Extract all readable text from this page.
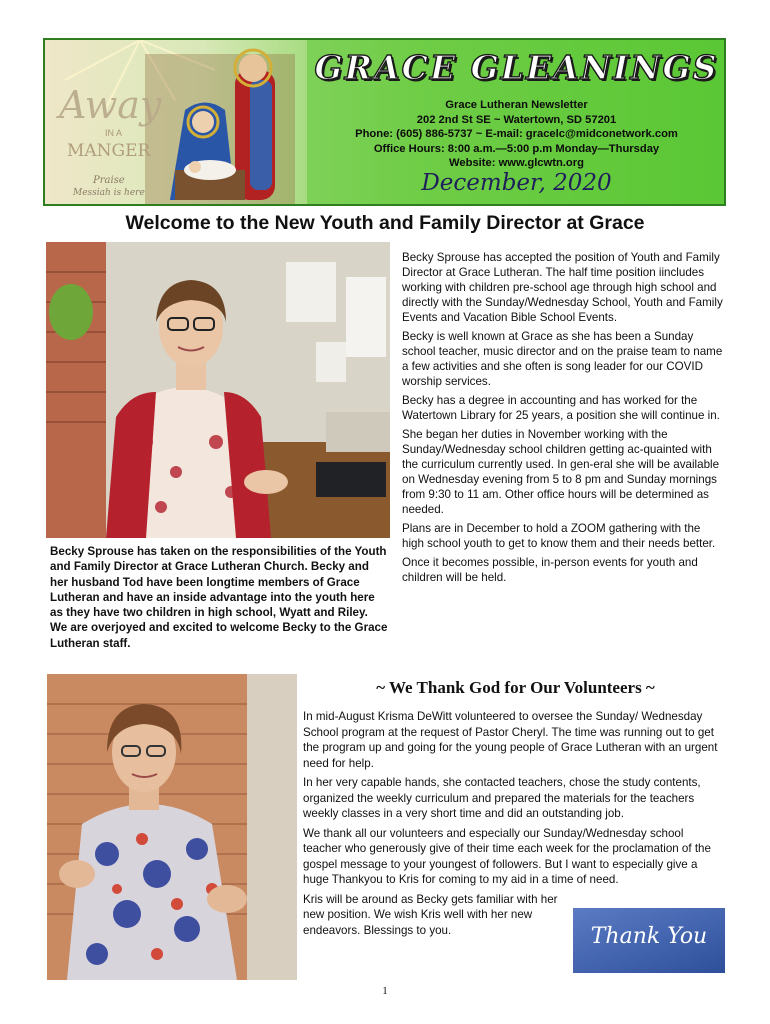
Away
IN A
MANGER
Praise
Messiah is here
GRACE GLEANINGS
Grace Lutheran Newsletter
202 2nd St SE ~ Watertown, SD 57201
Phone: (605) 886-5737 ~ E-mail: gracelc@midconetwork.com
Office Hours: 8:00 a.m.—5:00 p.m Monday—Thursday
Website: www.glcwtn.org
December, 2020
Welcome to the New Youth and Family Director at Grace
Becky Sprouse has taken on the responsibilities of the Youth and Family Director at Grace Lutheran Church. Becky and her husband Tod have been longtime members of Grace Lutheran and have an inside advantage into the youth here as they have two children in high school, Wyatt and Riley. We are overjoyed and excited to welcome Becky to the Grace Lutheran staff.

Becky Sprouse has accepted the position of Youth and Family Director at Grace Lutheran. The half time position iincludes working with children pre-school age through high school and directly with the Sunday/Wednesday School, Youth and Family Events and Vacation Bible School Events.

Becky is well known at Grace as she has been a Sunday school teacher, music director and on the praise team to name a few activities and she often is song leader for our COVID worship services.

Becky has a degree in accounting and has worked for the Watertown Library for 25 years, a position she will continue in.

She began her duties in November working with the Sunday/Wednesday school children getting ac-quainted with the curriculum currently used. In gen-eral she will be available on Wednesday evening from 5 to 8 pm and Sunday mornings from 9:30 to 11 am. Other office hours will be determined as needed.

Plans are in December to hold a ZOOM gathering with the high school youth to get to know them and their needs better.

Once it becomes possible, in-person events for youth and children will be held.

~ We Thank God for Our Volunteers ~

In mid-August Krisma DeWitt volunteered to oversee the Sunday/ Wednesday School program at the request of Pastor Cheryl. The time was running out to get the program up and going for the young people of Grace Lutheran with an urgent need for help.

In her very capable hands, she contacted teachers, chose the study contents, organized the weekly curriculum and prepared the materials for the teachers weekly classes in a very short time and did an outstanding job.

We thank all our volunteers and especially our Sunday/Wednesday school teacher who generously give of their time each week for the proclamation of the gospel message to your youngest of followers. But I want to especially give a huge Thankyou to Kris for coming to my aid in a time of need.

Kris will be around as Becky gets familiar with her new position. We wish Kris well with her new endeavors. Blessings to you.	Thank You
1
